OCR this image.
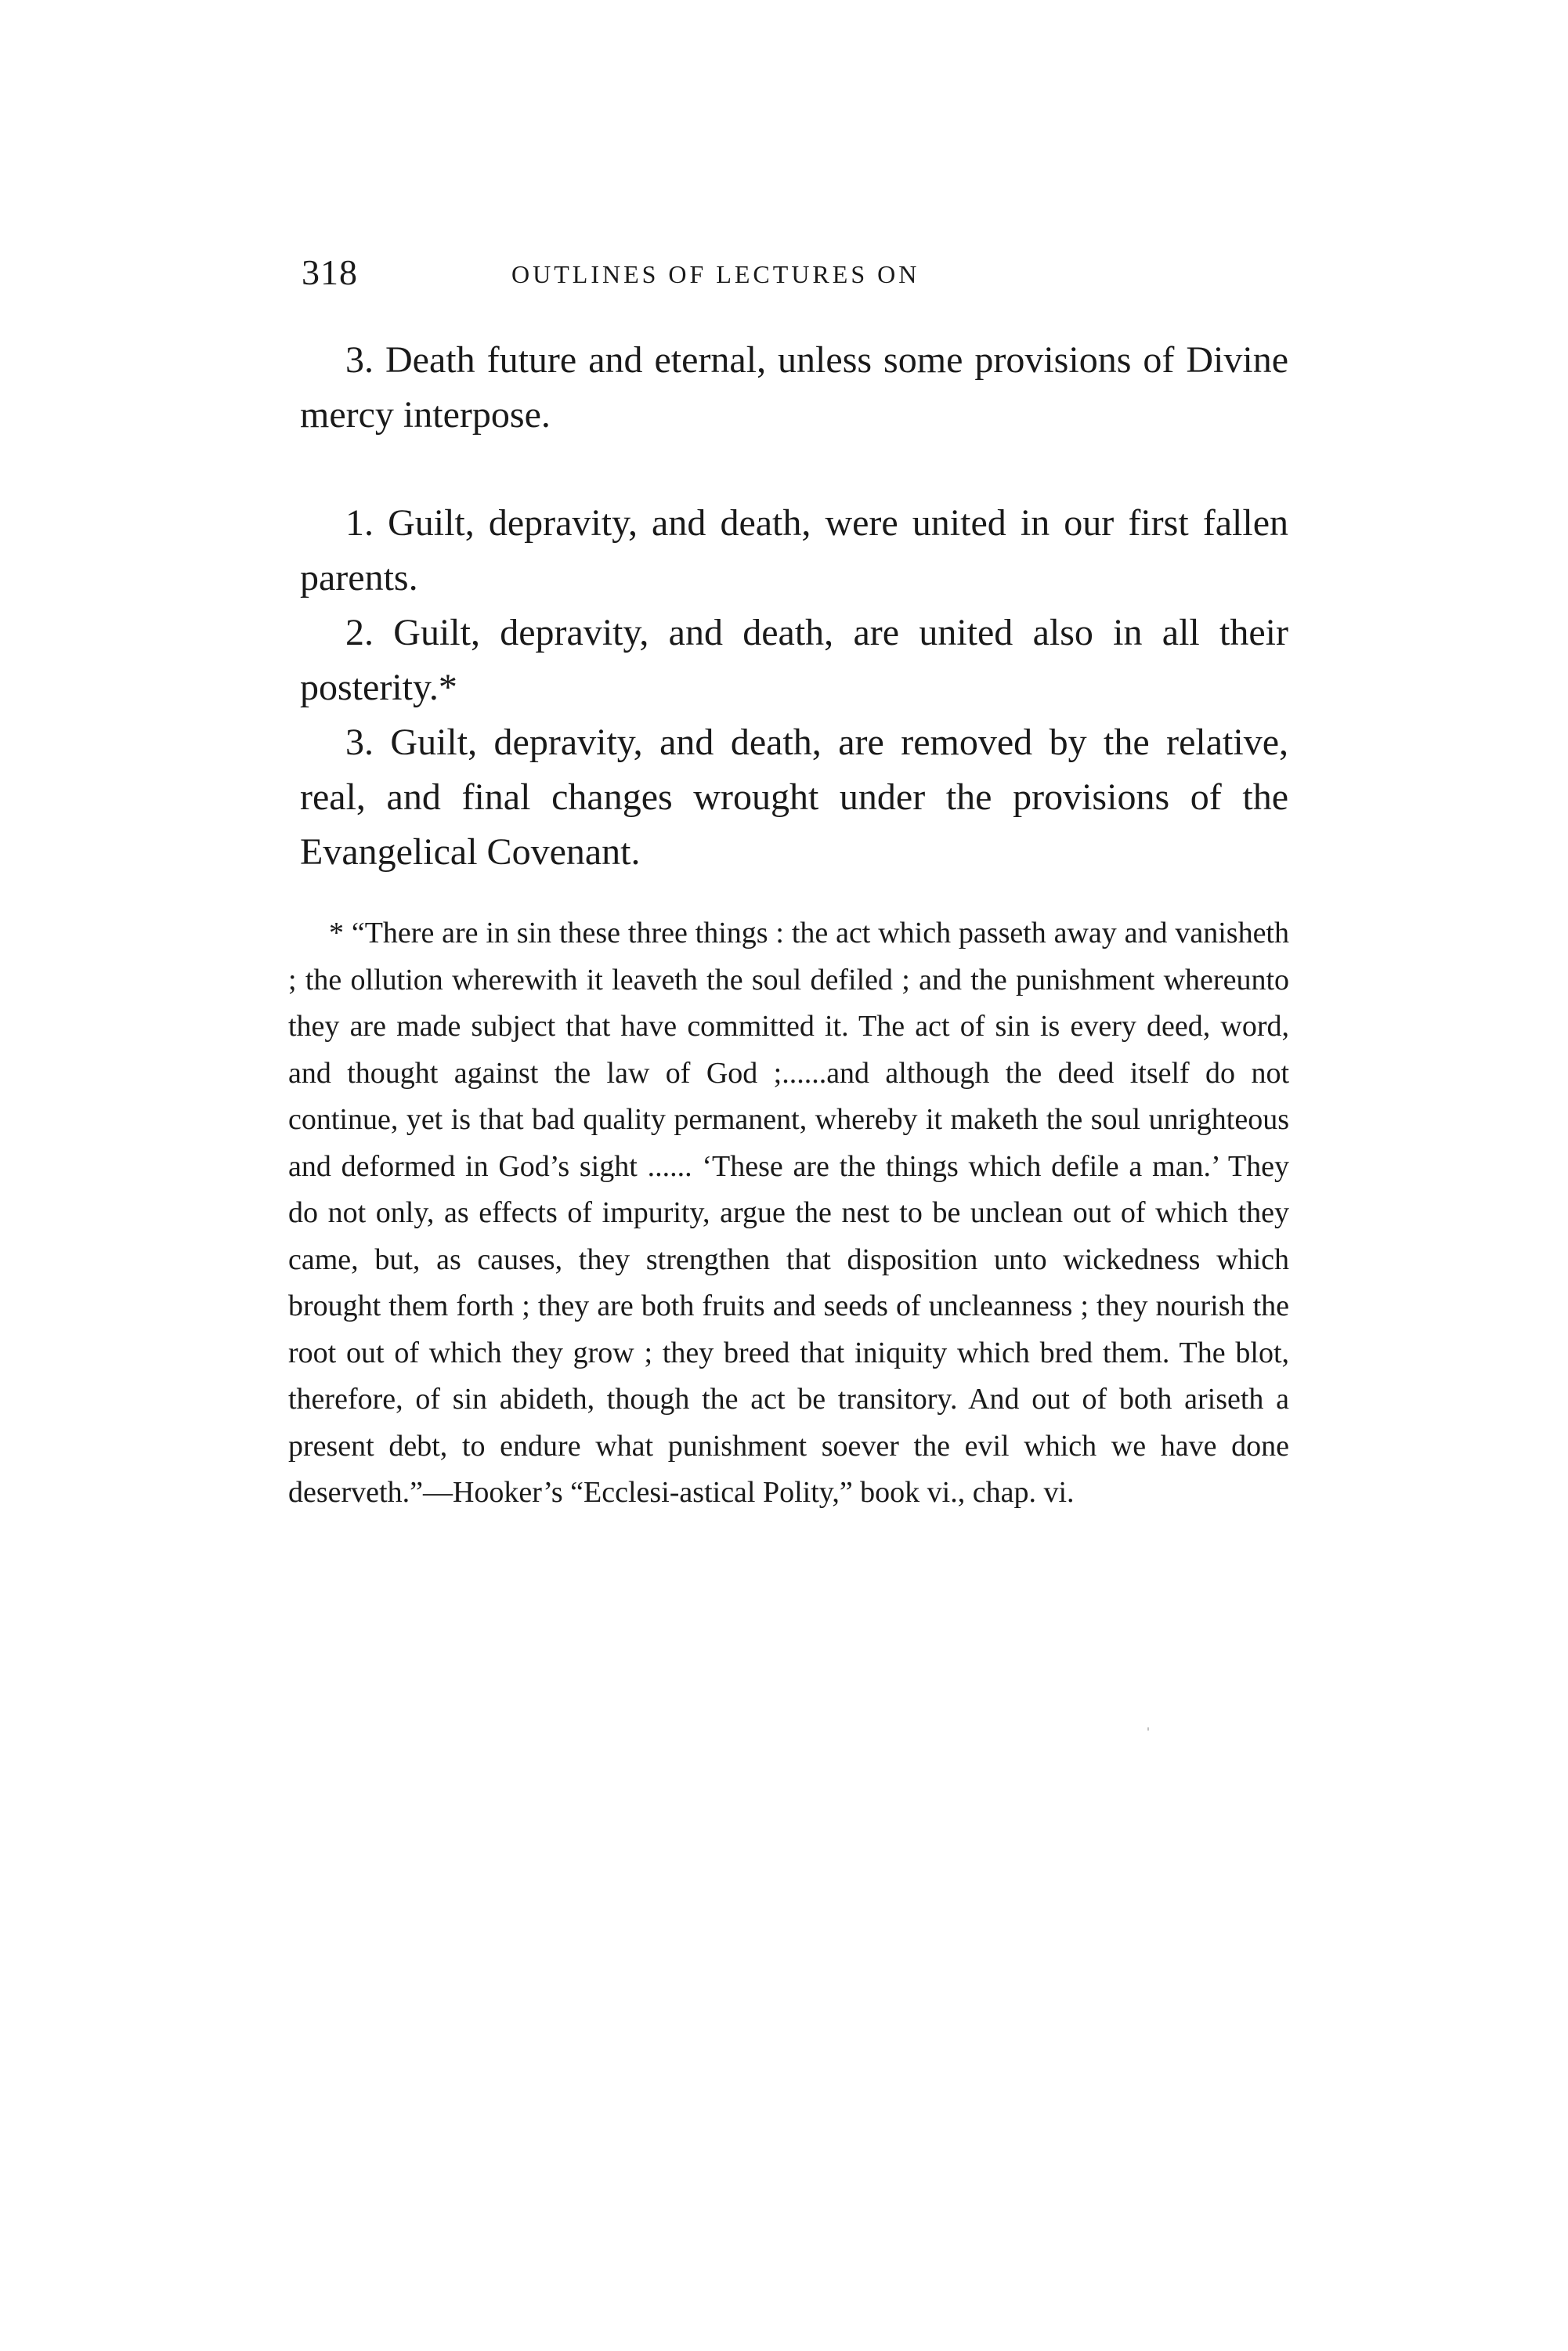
318	OUTLINES OF LECTURES ON

3. Death future and eternal, unless some provisions of Divine mercy interpose.

1. Guilt, depravity, and death, were united in our first fallen parents.

2. Guilt, depravity, and death, are united also in all their posterity.*

3. Guilt, depravity, and death, are removed by the relative, real, and final changes wrought under the provisions of the Evangelical Covenant.

* “There are in sin these three things : the act which passeth away and vanisheth ; the ollution wherewith it leaveth the soul defiled ; and the punishment whereunto they are made subject that have committed it. The act of sin is every deed, word, and thought against the law of God ;......and although the deed itself do not continue, yet is that bad quality permanent, whereby it maketh the soul unrighteous and deformed in God’s sight ...... ‘These are the things which defile a man.’ They do not only, as effects of impurity, argue the nest to be unclean out of which they came, but, as causes, they strengthen that disposition unto wickedness which brought them forth ; they are both fruits and seeds of uncleanness ; they nourish the root out of which they grow ; they breed that iniquity which bred them. The blot, therefore, of sin abideth, though the act be transitory. And out of both ariseth a present debt, to endure what punishment soever the evil which we have done deserveth.”—Hooker’s “Ecclesi-astical Polity,” book vi., chap. vi.
